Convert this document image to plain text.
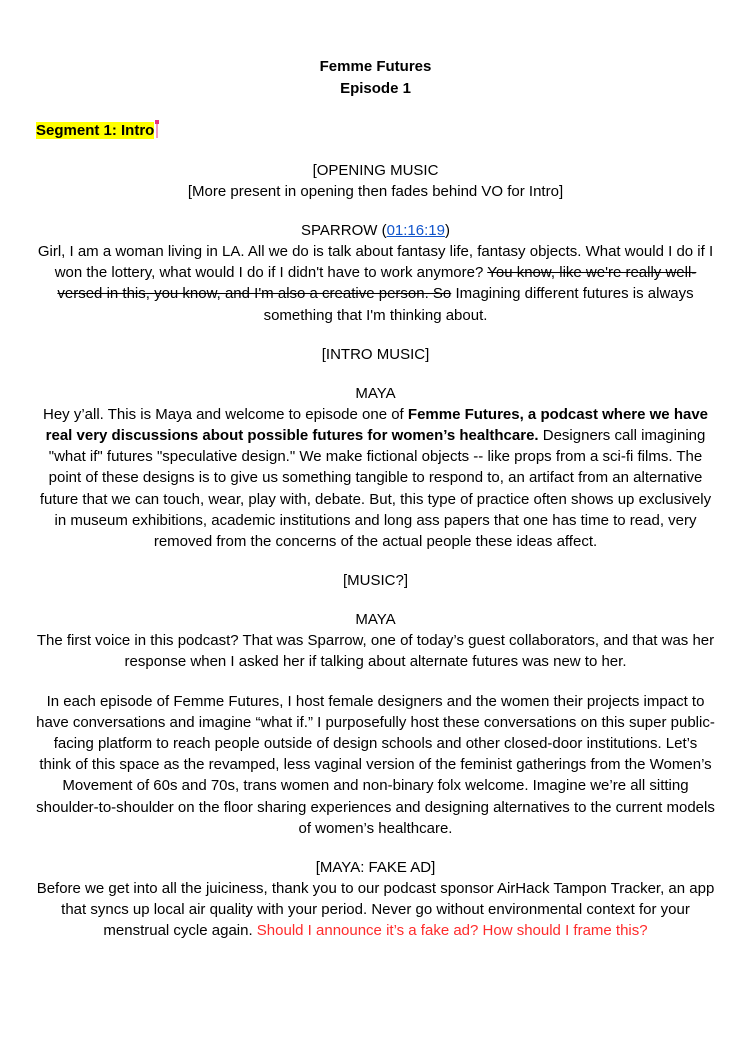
Femme Futures

Episode 1

Segment 1: Intro

[OPENING MUSIC

[More present in opening then fades behind VO for Intro]

SPARROW (01:16:19)

Girl, I am a woman living in LA. All we do is talk about fantasy life, fantasy objects. What would I do if I won the lottery, what would I do if I didn't have to work anymore? You know, like we're really well-versed in this, you know, and I'm also a creative person. So Imagining different futures is always something that I'm thinking about.

[INTRO MUSIC]

MAYA

Hey y’all. This is Maya and welcome to episode one of Femme Futures, a podcast where we have real very discussions about possible futures for women’s healthcare. Designers call imagining "what if" futures "speculative design." We make fictional objects -- like props from a sci-fi films. The point of these designs is to give us something tangible to respond to, an artifact from an alternative future that we can touch, wear, play with, debate. But, this type of practice often shows up exclusively in museum exhibitions, academic institutions and long ass papers that one has time to read, very removed from the concerns of the actual people these ideas affect.

[MUSIC?]

MAYA

The first voice in this podcast? That was Sparrow, one of today’s guest collaborators, and that was her response when I asked her if talking about alternate futures was new to her.

In each episode of Femme Futures, I host female designers and the women their projects impact to have conversations and imagine “what if.” I purposefully host these conversations on this super public-facing platform to reach people outside of design schools and other closed-door institutions. Let’s think of this space as the revamped, less vaginal version of the feminist gatherings from the Women’s Movement of 60s and 70s, trans women and non-binary folx welcome. Imagine we’re all sitting shoulder-to-shoulder on the floor sharing experiences and designing alternatives to the current models of women’s healthcare.

[MAYA: FAKE AD]

Before we get into all the juiciness, thank you to our podcast sponsor AirHack Tampon Tracker, an app that syncs up local air quality with your period. Never go without environmental context for your menstrual cycle again. Should I announce it’s a fake ad? How should I frame this?
